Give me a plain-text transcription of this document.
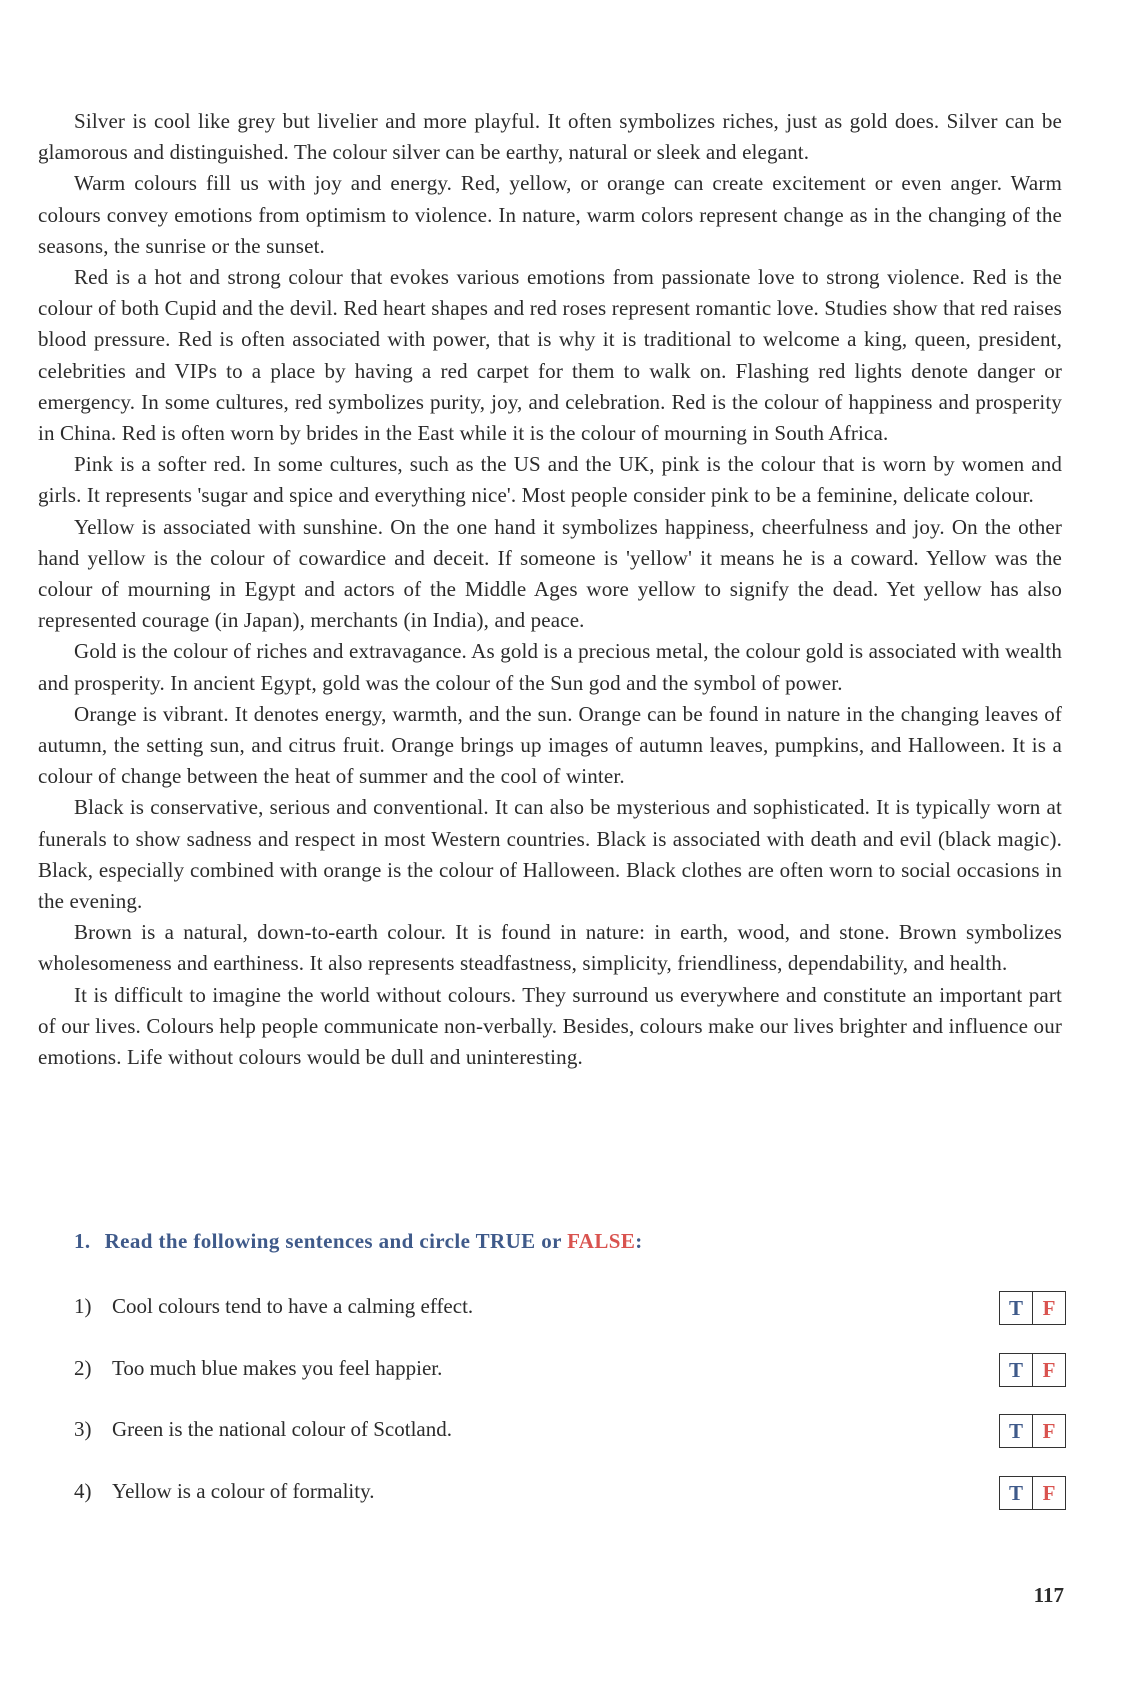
Silver is cool like grey but livelier and more playful. It often symbolizes riches, just as gold does. Silver can be glamorous and distinguished. The colour silver can be earthy, natural or sleek and elegant.

Warm colours fill us with joy and energy. Red, yellow, or orange can create excitement or even anger. Warm colours convey emotions from optimism to violence. In nature, warm colors represent change as in the changing of the seasons, the sunrise or the sunset.

Red is a hot and strong colour that evokes various emotions from passionate love to strong violence. Red is the colour of both Cupid and the devil. Red heart shapes and red roses represent romantic love. Studies show that red raises blood pressure. Red is often associated with power, that is why it is traditional to welcome a king, queen, president, celebrities and VIPs to a place by having a red carpet for them to walk on. Flashing red lights denote danger or emergency. In some cultures, red symbolizes purity, joy, and celebration. Red is the colour of happiness and prosperity in China. Red is often worn by brides in the East while it is the colour of mourning in South Africa.

Pink is a softer red. In some cultures, such as the US and the UK, pink is the colour that is worn by women and girls. It represents 'sugar and spice and everything nice'. Most people consider pink to be a feminine, delicate colour.

Yellow is associated with sunshine. On the one hand it symbolizes happiness, cheerfulness and joy. On the other hand yellow is the colour of cowardice and deceit. If someone is 'yellow' it means he is a coward. Yellow was the colour of mourning in Egypt and actors of the Middle Ages wore yellow to signify the dead. Yet yellow has also represented courage (in Japan), merchants (in India), and peace.

Gold is the colour of riches and extravagance. As gold is a precious metal, the colour gold is associated with wealth and prosperity. In ancient Egypt, gold was the colour of the Sun god and the symbol of power.

Orange is vibrant. It denotes energy, warmth, and the sun. Orange can be found in nature in the changing leaves of autumn, the setting sun, and citrus fruit. Orange brings up images of autumn leaves, pumpkins, and Halloween. It is a colour of change between the heat of summer and the cool of winter.

Black is conservative, serious and conventional. It can also be mysterious and sophisticated. It is typically worn at funerals to show sadness and respect in most Western countries. Black is associated with death and evil (black magic). Black, especially combined with orange is the colour of Halloween. Black clothes are often worn to social occasions in the evening.

Brown is a natural, down-to-earth colour. It is found in nature: in earth, wood, and stone. Brown symbolizes wholesomeness and earthiness. It also represents steadfastness, simplicity, friendliness, dependability, and health.

It is difficult to imagine the world without colours. They surround us everywhere and constitute an important part of our lives. Colours help people communicate non-verbally. Besides, colours make our lives brighter and influence our emotions. Life without colours would be dull and uninteresting.

1. Read the following sentences and circle TRUE or FALSE:
1) Cool colours tend to have a calming effect.	T F
2) Too much blue makes you feel happier.	T F
3) Green is the national colour of Scotland.	T F
4) Yellow is a colour of formality.	T F
117
